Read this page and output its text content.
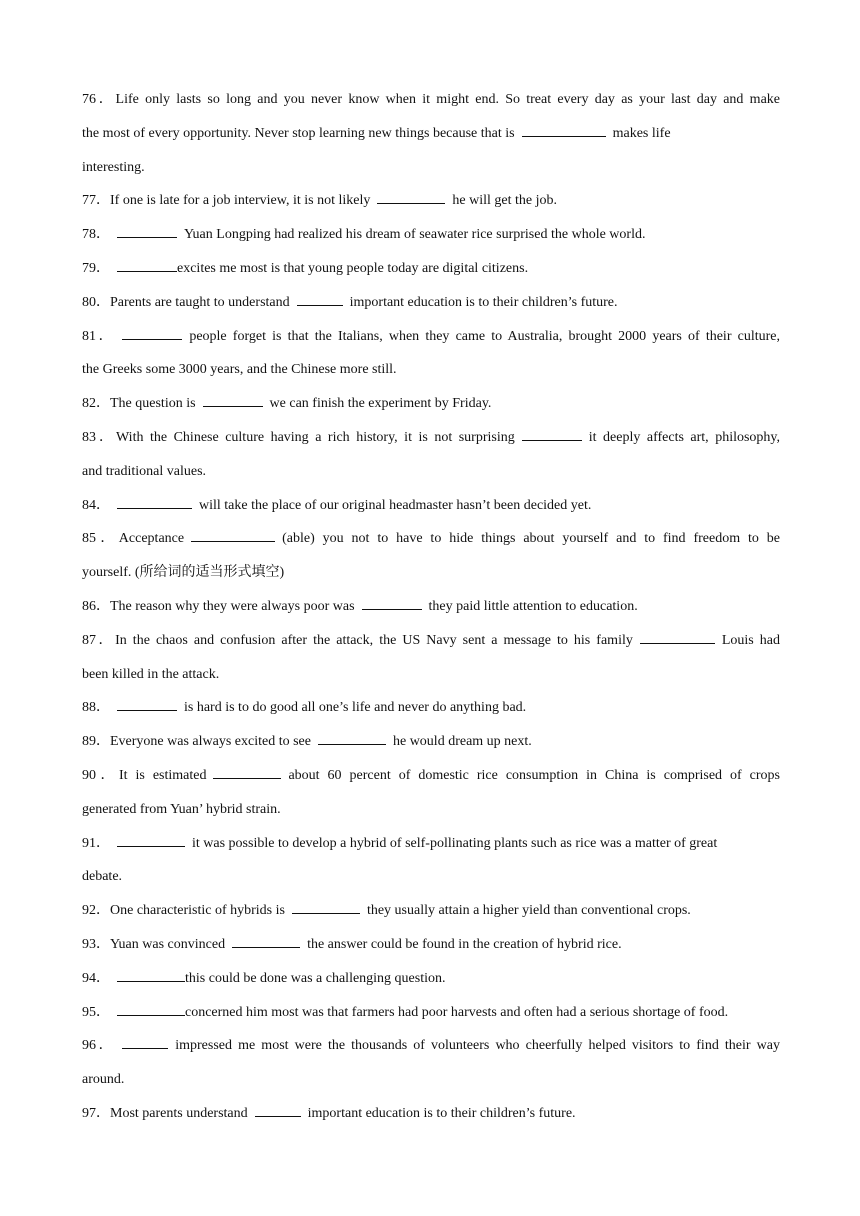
76．Life only lasts so long and you never know when it might end. So treat every day as your last day and make
the most of every opportunity. Never stop learning new things because that is	makes life
interesting.
77．If one is late for a job interview, it is not likely	he will get the job.
78．	Yuan Longping had realized his dream of seawater rice surprised the whole world.
79．	excites me most is that young people today are digital citizens.
80．Parents are taught to understand	important education is to their children’s future.
81．	people forget is that the Italians, when they came to Australia, brought 2000 years of their culture,
the Greeks some 3000 years, and the Chinese more still.
82．The question is	we can finish the experiment by Friday.
83．With the Chinese culture having a rich history, it is not surprising	it deeply affects art, philosophy,
and traditional values.
84．	will take the place of our original headmaster hasn’t been decided yet.
85．Acceptance	(able) you not to have to hide things about yourself and to find freedom to be
yourself. (所给词的适当形式填空)
86．The reason why they were always poor was	they paid little attention to education.
87．In the chaos and confusion after the attack, the US Navy sent a message to his family	Louis had
been killed in the attack.
88．	is hard is to do good all one’s life and never do anything bad.
89．Everyone was always excited to see	he would dream up next.
90．It is estimated	about 60 percent of domestic rice consumption in China is comprised of crops
generated from Yuan’ hybrid strain.
91．	it was possible to develop a hybrid of self-pollinating plants such as rice was a matter of great
debate.
92．One characteristic of hybrids is	they usually attain a higher yield than conventional crops.
93．Yuan was convinced	the answer could be found in the creation of hybrid rice.
94．	this could be done was a challenging question.
95．	concerned him most was that farmers had poor harvests and often had a serious shortage of food.
96．	impressed me most were the thousands of volunteers who cheerfully helped visitors to find their way
around.
97．Most parents understand	important education is to their children’s future.
